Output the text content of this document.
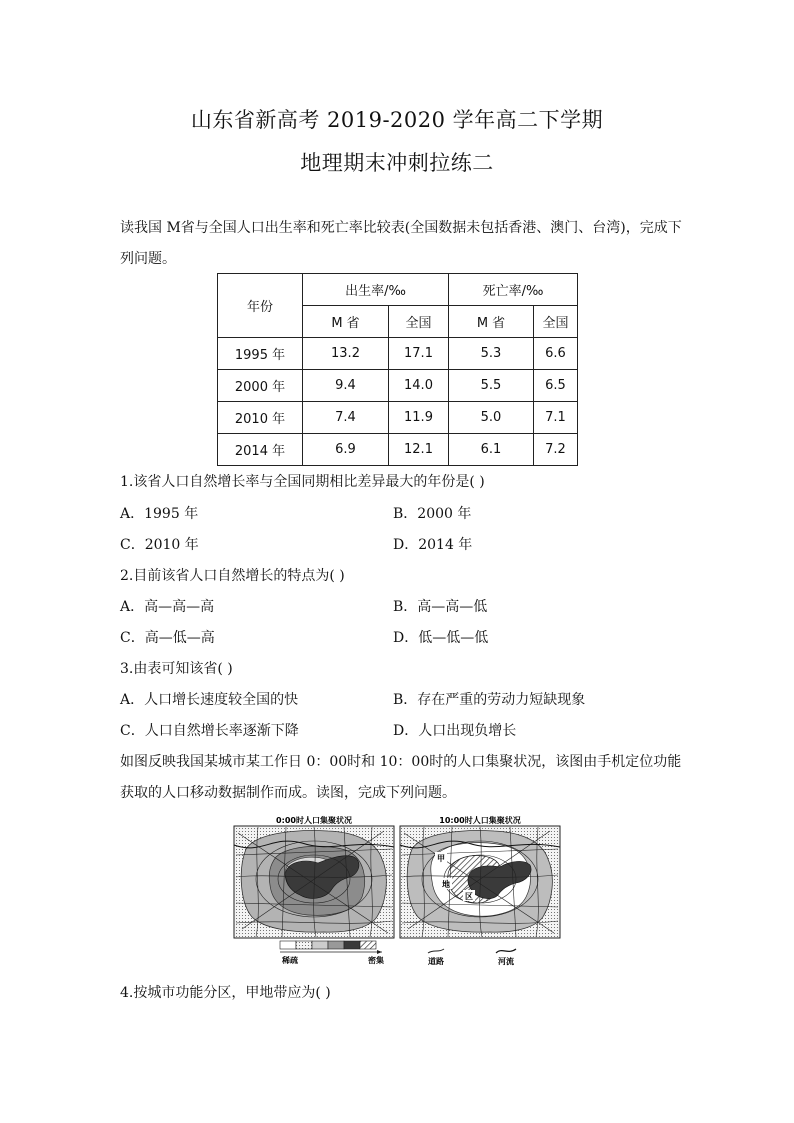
山东省新高考 2019-2020 学年高二下学期
地理期末冲刺拉练二
读我国 M省与全国人口出生率和死亡率比较表(全国数据未包括香港、澳门、台湾)，完成下
列问题。
年份	出生率/‰		死亡率/‰	
	M 省	全国	M 省	全国
1995 年	13.2	17.1	5.3	6.6
2000 年	9.4	14.0	5.5	6.5
2010 年	7.4	11.9	5.0	7.1
2014 年	6.9	12.1	6.1	7.2
1.该省人口自然增长率与全国同期相比差异最大的年份是( )
A．1995 年	B．2000 年
C．2010 年	D．2014 年
2.目前该省人口自然增长的特点为( )
A．高—高—高	B．高—高—低
C．高—低—高	D．低—低—低
3.由表可知该省( )
A．人口增长速度较全国的快	B．存在严重的劳动力短缺现象
C．人口自然增长率逐渐下降	D．人口出现负增长
如图反映我国某城市某工作日 0：00时和 10：00时的人口集聚状况，该图由手机定位功能
获取的人口移动数据制作而成。读图，完成下列问题。
0:00时人口集聚状况	10:00时人口集聚状况
甲
地
区
稀疏	密集	道路	河流
4.按城市功能分区，甲地带应为( )
